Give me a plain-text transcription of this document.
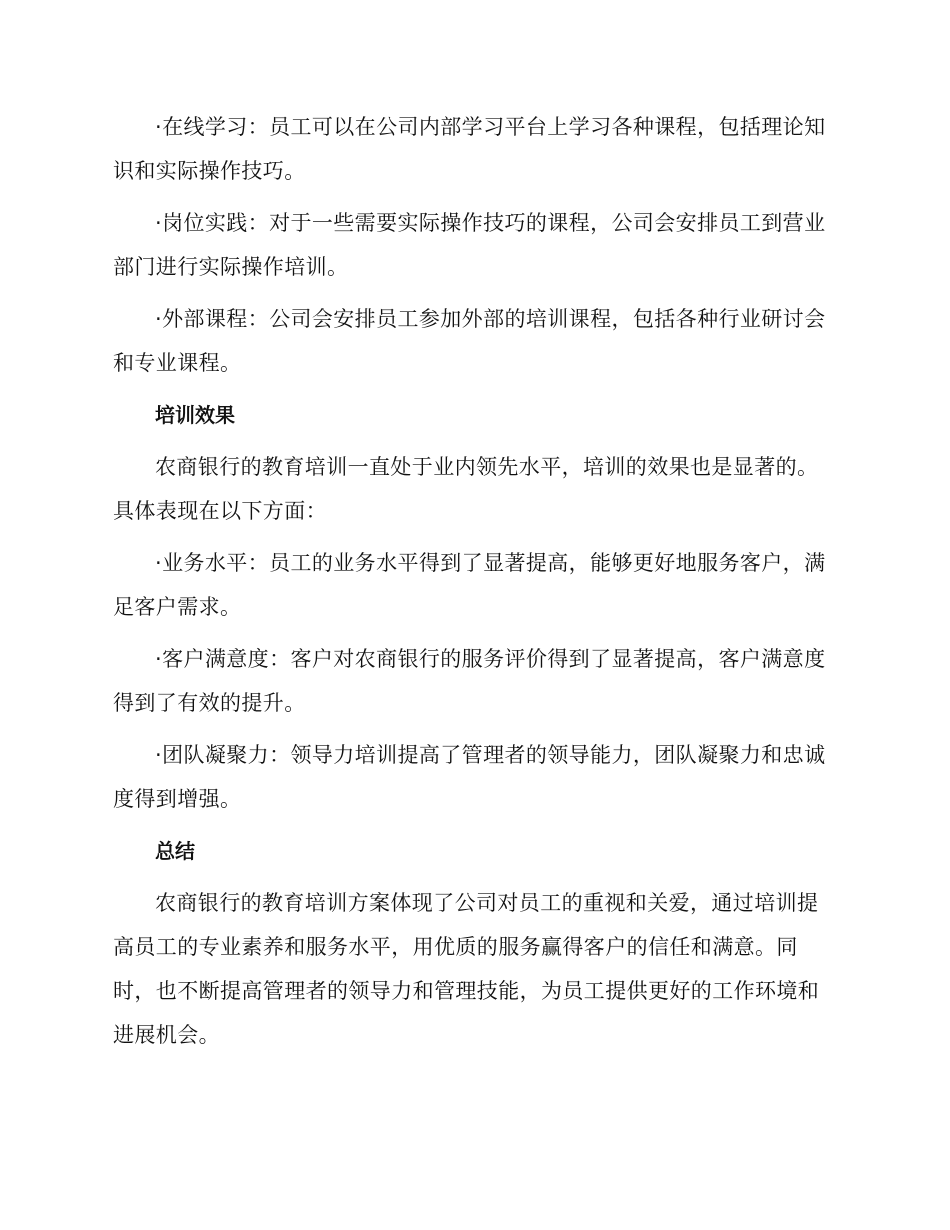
·在线学习：员工可以在公司内部学习平台上学习各种课程，包括理论知识和实际操作技巧。

·岗位实践：对于一些需要实际操作技巧的课程，公司会安排员工到营业部门进行实际操作培训。

·外部课程：公司会安排员工参加外部的培训课程，包括各种行业研讨会和专业课程。

培训效果

农商银行的教育培训一直处于业内领先水平，培训的效果也是显著的。具体表现在以下方面：

·业务水平：员工的业务水平得到了显著提高，能够更好地服务客户，满足客户需求。

·客户满意度：客户对农商银行的服务评价得到了显著提高，客户满意度得到了有效的提升。

·团队凝聚力：领导力培训提高了管理者的领导能力，团队凝聚力和忠诚度得到增强。

总结

农商银行的教育培训方案体现了公司对员工的重视和关爱，通过培训提高员工的专业素养和服务水平，用优质的服务赢得客户的信任和满意。同时，也不断提高管理者的领导力和管理技能，为员工提供更好的工作环境和进展机会。
